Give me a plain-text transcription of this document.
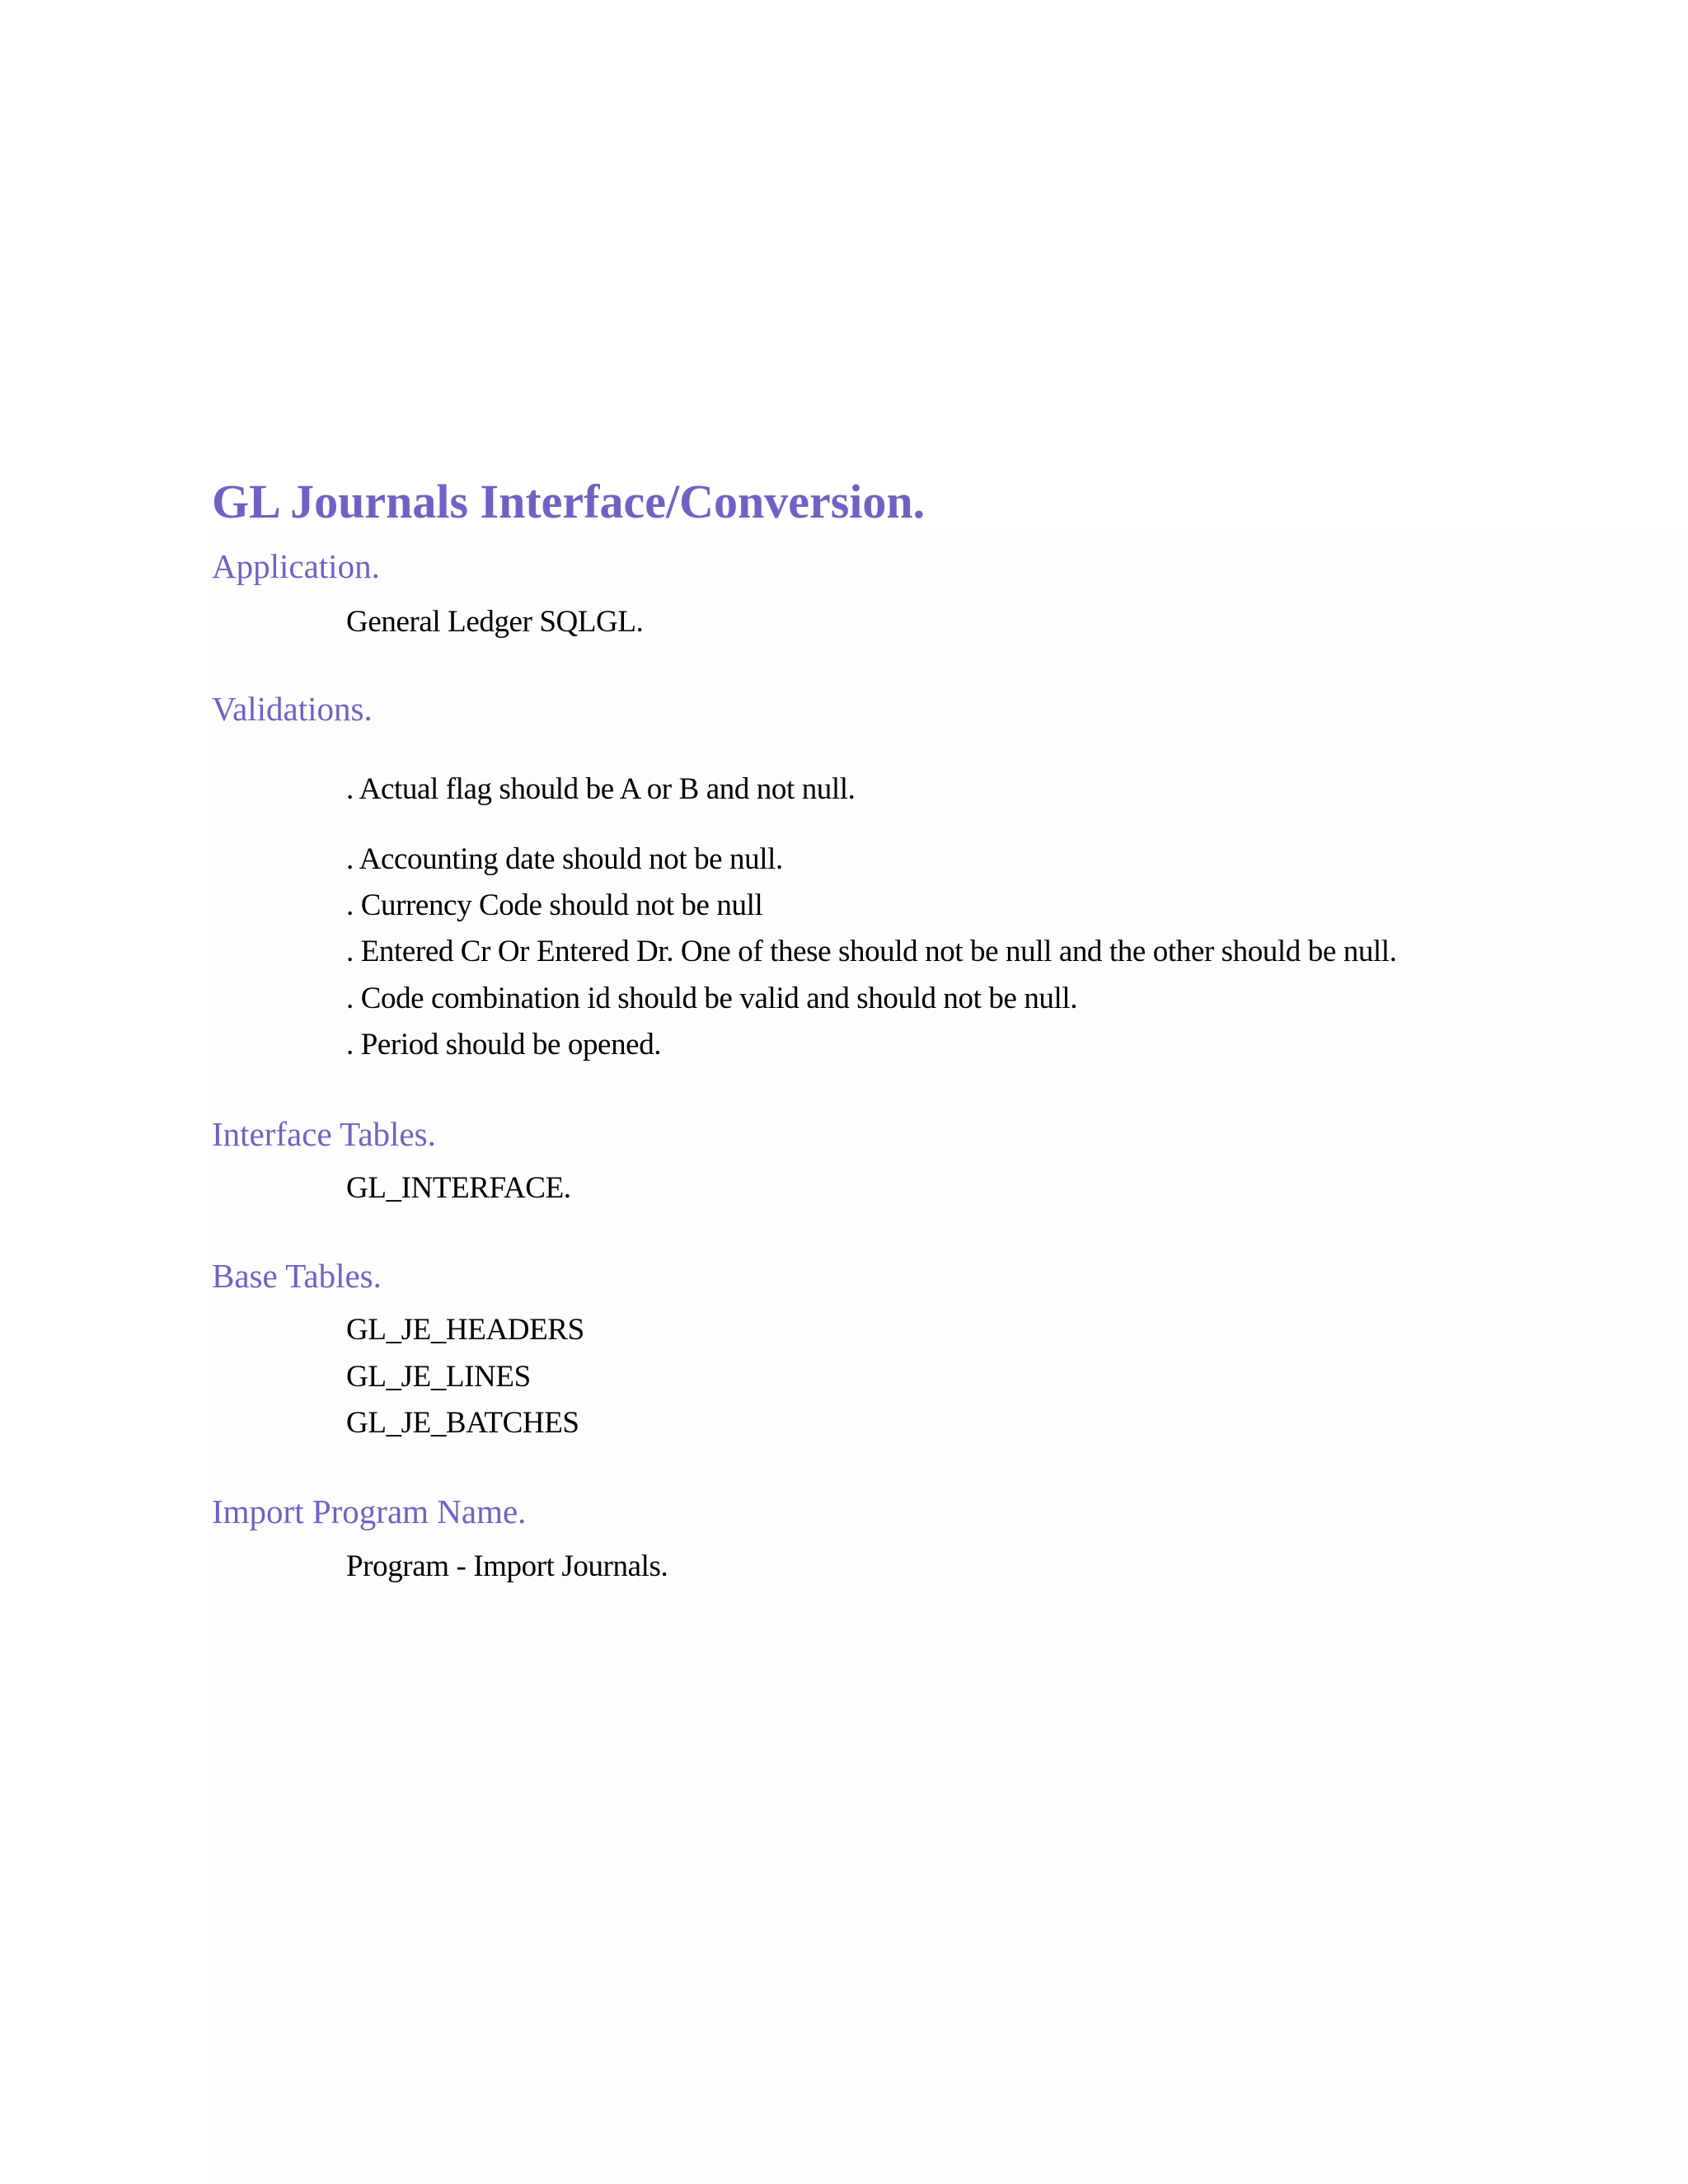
GL Journals Interface/Conversion.
Application.

General Ledger SQLGL.

Validations.

. Actual flag should be A or B and not null.

. Accounting date should not be null.

. Currency Code should not be null

. Entered Cr Or Entered Dr. One of these should not be null and the other should be null.

. Code combination id should be valid and should not be null.

. Period should be opened.

Interface Tables.

GL_INTERFACE.

Base Tables.

GL_JE_HEADERS

GL_JE_LINES

GL_JE_BATCHES

Import Program Name.

Program - Import Journals.
